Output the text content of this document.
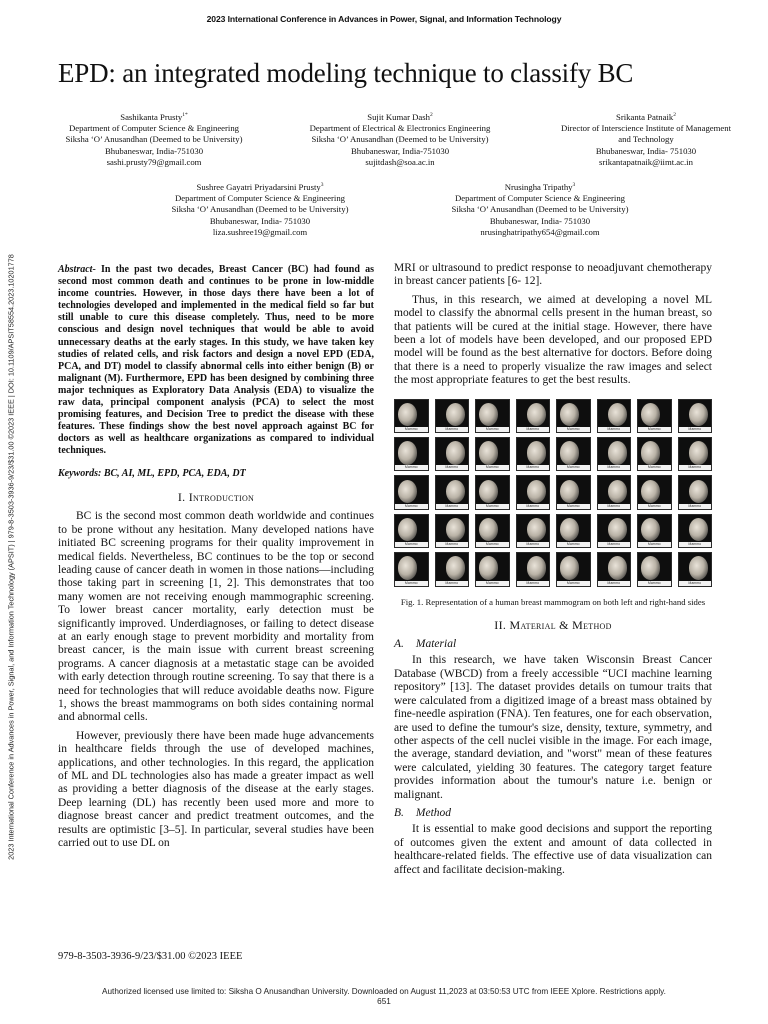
2023 International Conference in Advances in Power, Signal, and Information Technology
2023 International Conference in Advances in Power, Signal, and Information Technology (APSIT) | 979-8-3503-3936-9/23/$31.00 ©2023 IEEE | DOI: 10.1109/APSIT58554.2023.10201778
EPD: an integrated modeling technique to classify BC
Sashikanta Prusty$^{1*}$
Department of Computer Science & Engineering
Siksha ‘O’ Anusandhan (Deemed to be University)
Bhubaneswar, India-751030
sashi.prusty79@gmail.com
Sujit Kumar Dash$^2$
Department of Electrical & Electronics Engineering
Siksha ‘O’ Anusandhan (Deemed to be University)
Bhubaneswar, India-751030
sujitdash@soa.ac.in
Srikanta Patnaik$^2$
Director of Interscience Institute of Management
and Technology
Bhubaneswar, India- 751030
srikantapatnaik@iimt.ac.in
Sushree Gayatri Priyadarsini Prusty$^3$
Department of Computer Science & Engineering
Siksha ‘O’ Anusandhan (Deemed to be University)
Bhubaneswar, India- 751030
liza.sushree19@gmail.com
Nrusingha Tripathy$^3$
Department of Computer Science & Engineering
Siksha ‘O’ Anusandhan (Deemed to be University)
Bhubaneswar, India- 751030
nrusinghatripathy654@gmail.com

Abstract- In the past two decades, Breast Cancer (BC) had found as second most common death and continues to be prone in low-middle income countries. However, in those days there have been a lot of technologies developed and implemented in the medical field so far but still unable to cure this disease completely. Thus, need to be more conscious and design novel techniques that would be able to avoid unnecessary deaths at the early stages. In this study, we have taken key studies of related cells, and risk factors and design a novel EPD (EDA, PCA, and DT) model to classify abnormal cells into either benign (B) or malignant (M). Furthermore, EPD has been designed by combining three major techniques as Exploratory Data Analysis (EDA) to visualize the raw data, principal component analysis (PCA) to select the most promising features, and Decision Tree to predict the disease with these features. These findings show the best novel approach against BC for doctors as well as healthcare organizations as compared to individual techniques.

Keywords: BC, AI, ML, EPD, PCA, EDA, DT

I. Introduction

BC is the second most common death worldwide and continues to be prone without any hesitation. Many developed nations have initiated BC screening programs for their quality improvement in medical fields. Nevertheless, BC continues to be the top or second leading cause of cancer death in women in those nations—including those taking part in screening [1, 2]. This demonstrates that too many women are not receiving enough mammographic screening. To lower breast cancer mortality, early detection must be significantly improved. Underdiagnoses, or failing to detect disease at an early enough stage to prevent morbidity and mortality from breast cancer, is the main issue with current breast screening programs. A cancer diagnosis at a metastatic stage can be avoided with early detection through routine screening. To say that there is a need for technologies that will reduce avoidable deaths now. Figure 1, shows the breast mammograms on both sides containing normal and abnormal cells.

However, previously there have been made huge advancements in healthcare fields through the use of developed machines, applications, and other technologies. In this regard, the application of ML and DL technologies also has made a greater impact as well as providing a better diagnosis of the disease at the early stages. Deep learning (DL) has recently been used more and more to diagnose breast cancer and predict treatment outcomes, and the results are optimistic [3–5]. In particular, several studies have been carried out to use DL on

MRI or ultrasound to predict response to neoadjuvant chemotherapy in breast cancer patients [6- 12].

Thus, in this research, we aimed at developing a novel ML model to classify the abnormal cells present in the human breast, so that patients will be cured at the initial stage. However, there have been a lot of models have been developed, and our proposed EPD model will be found as the best alternative for doctors. Before doing that there is a need to properly visualize the raw images and select the most appropriate features to get the best results.

Mammo	Mammo	Mammo	Mammo	Mammo	Mammo	Mammo	Mammo
Mammo	Mammo	Mammo	Mammo	Mammo	Mammo	Mammo	Mammo
Mammo	Mammo	Mammo	Mammo	Mammo	Mammo	Mammo	Mammo
Mammo	Mammo	Mammo	Mammo	Mammo	Mammo	Mammo	Mammo
Mammo	Mammo	Mammo	Mammo	Mammo	Mammo	Mammo	Mammo
Fig. 1. Representation of a human breast mammogram on both left and right-hand sides
II. Material & Method
A. Material

In this research, we have taken Wisconsin Breast Cancer Database (WBCD) from a freely accessible “UCI machine learning repository” [13]. The dataset provides details on tumour traits that were calculated from a digitized image of a breast mass obtained by fine-needle aspiration (FNA). Ten features, one for each observation, are used to define the tumour's size, density, texture, symmetry, and other aspects of the cell nuclei visible in the image. For each image, the average, standard deviation, and "worst" mean of these features were calculated, yielding 30 features. The category target feature provides information about the tumour's nature i.e. benign or malignant.

B. Method

It is essential to make good decisions and support the reporting of outcomes given the extent and amount of data collected in healthcare-related fields. The effective use of data visualization can affect and facilitate decision-making.

979-8-3503-3936-9/23/$31.00 ©2023 IEEE
Authorized licensed use limited to: Siksha O Anusandhan University. Downloaded on August 11,2023 at 03:50:53 UTC from IEEE Xplore. Restrictions apply.
651
